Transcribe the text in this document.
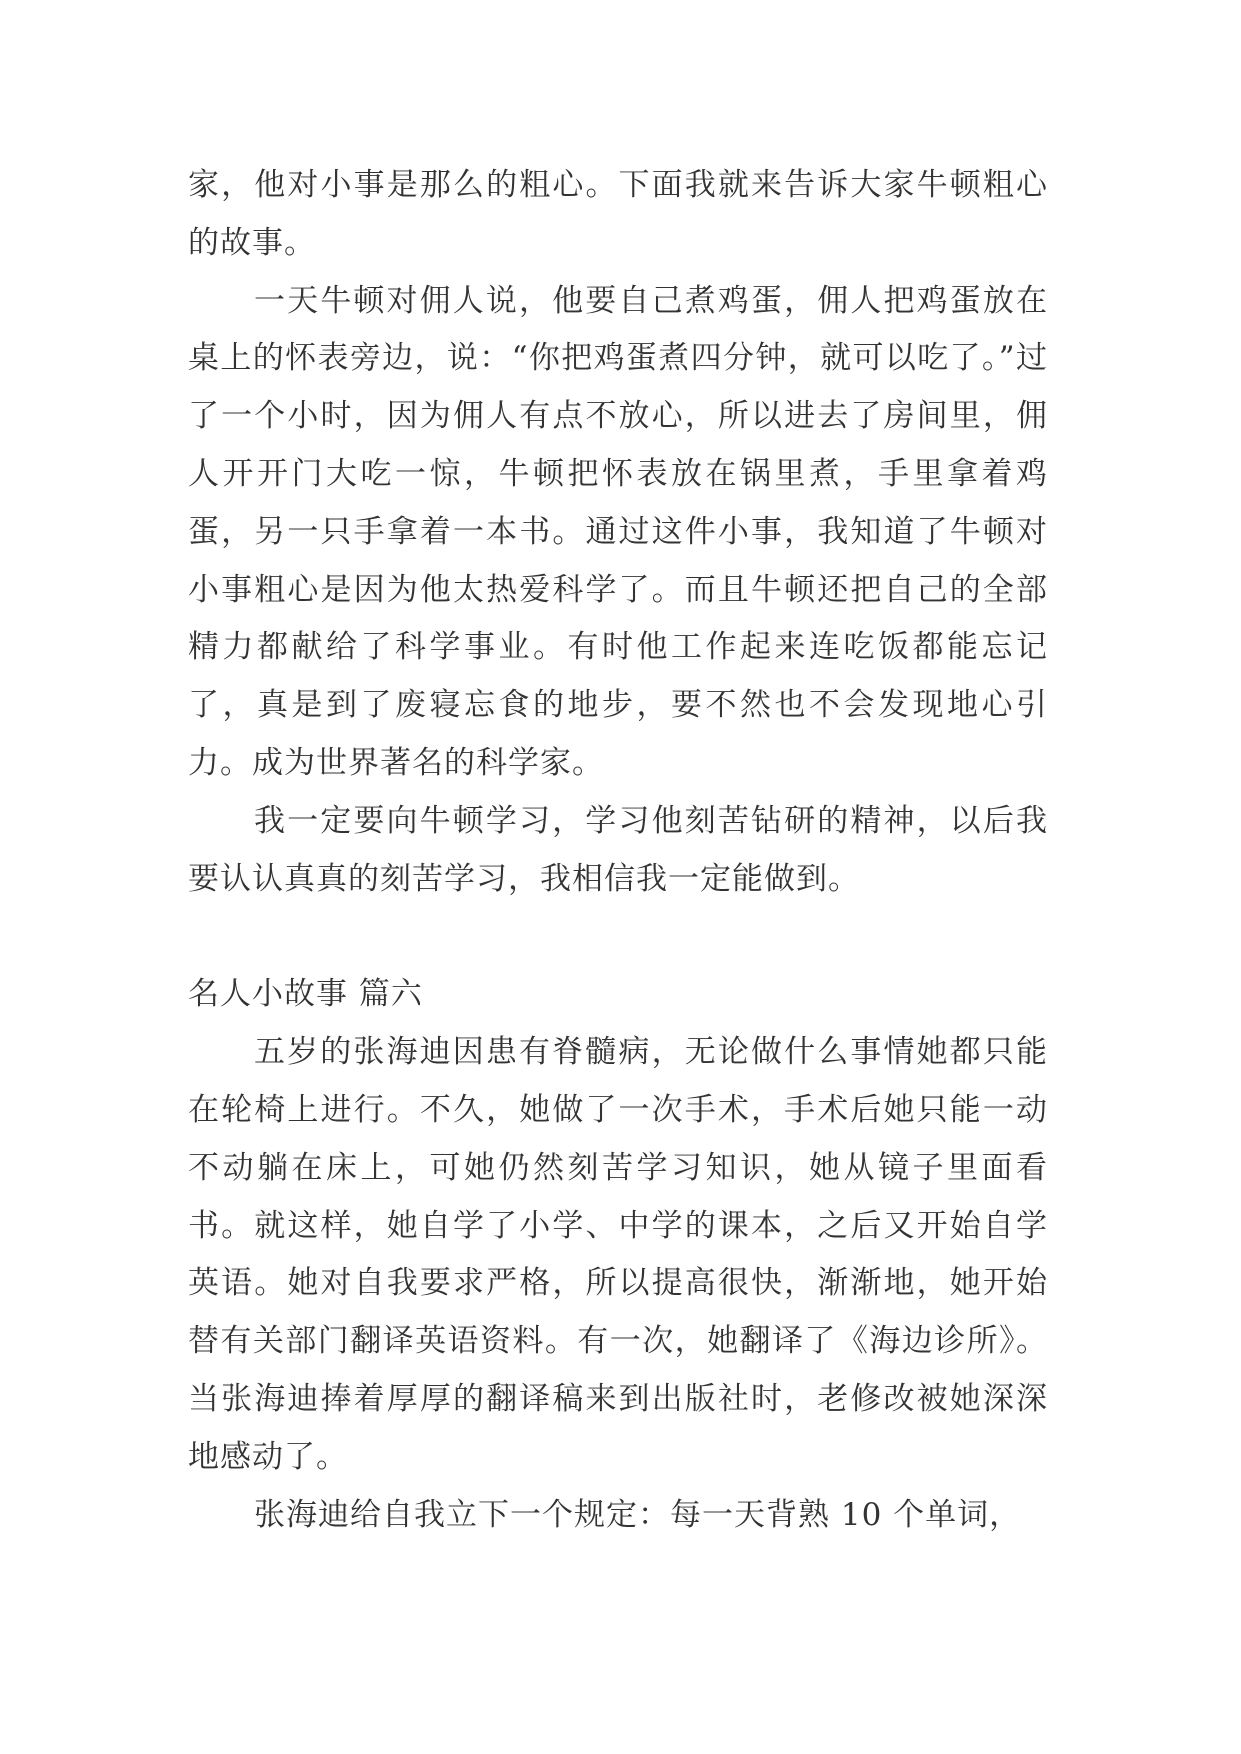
家，他对小事是那么的粗心。下面我就来告诉大家牛顿粗心的故事。

一天牛顿对佣人说，他要自己煮鸡蛋，佣人把鸡蛋放在桌上的怀表旁边，说：“你把鸡蛋煮四分钟，就可以吃了。”过了一个小时，因为佣人有点不放心，所以进去了房间里，佣人开开门大吃一惊，牛顿把怀表放在锅里煮，手里拿着鸡蛋，另一只手拿着一本书。通过这件小事，我知道了牛顿对小事粗心是因为他太热爱科学了。而且牛顿还把自己的全部精力都献给了科学事业。有时他工作起来连吃饭都能忘记了，真是到了废寝忘食的地步，要不然也不会发现地心引力。成为世界著名的科学家。

我一定要向牛顿学习，学习他刻苦钻研的精神，以后我要认认真真的刻苦学习，我相信我一定能做到。

名人小故事 篇六

五岁的张海迪因患有脊髓病，无论做什么事情她都只能在轮椅上进行。不久，她做了一次手术，手术后她只能一动不动躺在床上，可她仍然刻苦学习知识，她从镜子里面看书。就这样，她自学了小学、中学的课本，之后又开始自学英语。她对自我要求严格，所以提高很快，渐渐地，她开始替有关部门翻译英语资料。有一次，她翻译了《海边诊所》。当张海迪捧着厚厚的翻译稿来到出版社时，老修改被她深深地感动了。

张海迪给自我立下一个规定：每一天背熟 10 个单词，
